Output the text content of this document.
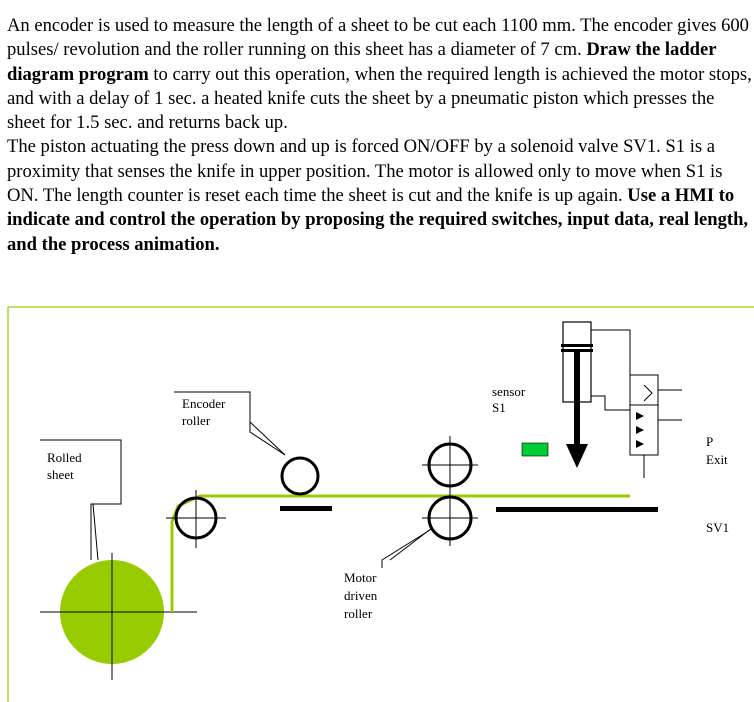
An encoder is used to measure the length of a sheet to be cut each 1100 mm. The encoder gives 600 pulses/ revolution and the roller running on this sheet has a diameter of 7 cm. Draw the ladder diagram program to carry out this operation, when the required length is achieved the motor stops, and with a delay of 1 sec. a heated knife cuts the sheet by a pneumatic piston which presses the sheet for 1.5 sec. and returns back up.

The piston actuating the press down and up is forced ON/OFF by a solenoid valve SV1. S1 is a proximity that senses the knife in upper position. The motor is allowed only to move when S1 is ON. The length counter is reset each time the sheet is cut and the knife is up again. Use a HMI to indicate and control the operation by proposing the required switches, input data, real length, and the process animation.

Rolled
sheet
Encoder
roller
Motor
driven
roller
sensor
S1
P
Exit
SV1
